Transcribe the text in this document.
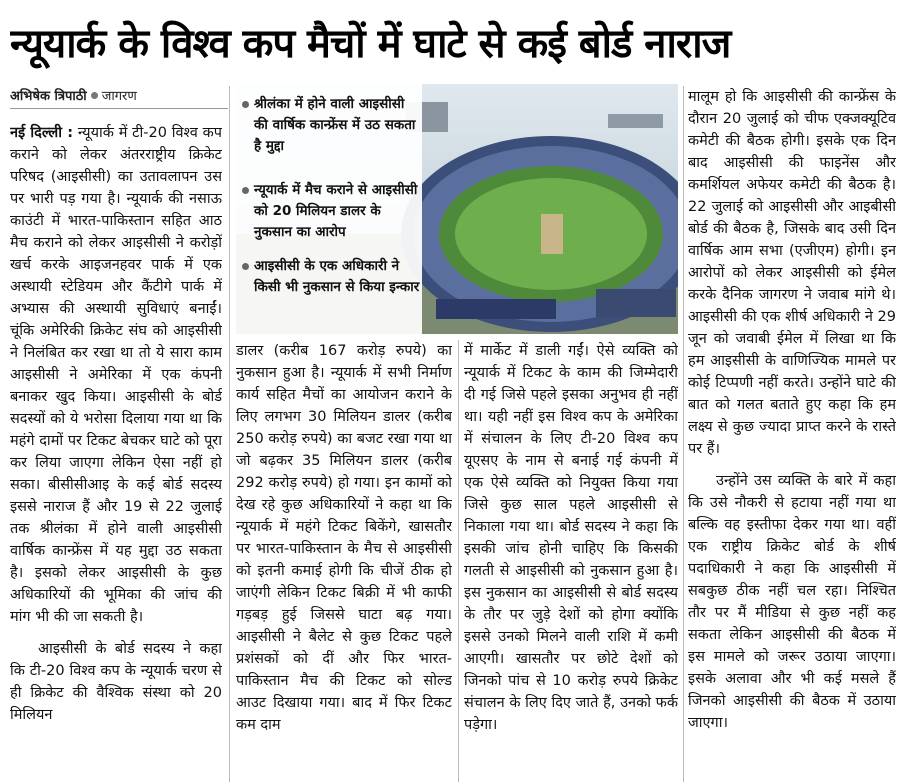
न्यूयार्क के विश्व कप मैचों में घाटे से कई बोर्ड नाराज
अभिषेक त्रिपाठी जागरण

नई दिल्ली : न्यूयार्क में टी-20 विश्व कप कराने को लेकर अंतरराष्ट्रीय क्रिकेट परिषद (आइसीसी) का उतावलापन उस पर भारी पड़ गया है। न्यूयार्क की नसाऊ काउंटी में भारत-पाकिस्तान सहित आठ मैच कराने को लेकर आइसीसी ने करोड़ों खर्च करके आइजनहवर पार्क में एक अस्थायी स्टेडियम और कैंटीगे पार्क में अभ्यास की अस्थायी सुविधाएं बनाईं। चूंकि अमेरिकी क्रिकेट संघ को आइसीसी ने निलंबित कर रखा था तो ये सारा काम आइसीसी ने अमेरिका में एक कंपनी बनाकर खुद किया। आइसीसी के बोर्ड सदस्यों को ये भरोसा दिलाया गया था कि महंगे दामों पर टिकट बेचकर घाटे को पूरा कर लिया जाएगा लेकिन ऐसा नहीं हो सका। बीसीसीआइ के कई बोर्ड सदस्य इससे नाराज हैं और 19 से 22 जुलाई तक श्रीलंका में होने वाली आइसीसी वार्षिक कान्फ्रेंस में यह मुद्दा उठ सकता है। इसको लेकर आइसीसी के कुछ अधिकारियों की भूमिका की जांच की मांग भी की जा सकती है।

आइसीसी के बोर्ड सदस्य ने कहा कि टी-20 विश्व कप के न्यूयार्क चरण से ही क्रिकेट की वैश्विक संस्था को 20 मिलियन

श्रीलंका में होने वाली आइसीसी की वार्षिक कान्फ्रेंस में उठ सकता है मुद्दा
न्यूयार्क में मैच कराने से आइसीसी को 20 मिलियन डालर के नुकसान का आरोप
आइसीसी के एक अधिकारी ने किसी भी नुकसान से किया इन्कार

डालर (करीब 167 करोड़ रुपये) का नुकसान हुआ है। न्यूयार्क में सभी निर्माण कार्य सहित मैचों का आयोजन कराने के लिए लगभग 30 मिलियन डालर (करीब 250 करोड़ रुपये) का बजट रखा गया था जो बढ़कर 35 मिलियन डालर (करीब 292 करोड़ रुपये) हो गया। इन कामों को देख रहे कुछ अधिकारियों ने कहा था कि न्यूयार्क में महंगे टिकट बिकेंगे, खासतौर पर भारत-पाकिस्तान के मैच से आइसीसी को इतनी कमाई होगी कि चीजें ठीक हो जाएंगी लेकिन टिकट बिक्री में भी काफी गड़बड़ हुई जिससे घाटा बढ़ गया। आइसीसी ने बैलेट से कुछ टिकट पहले प्रशंसकों को दीं और फिर भारत-पाकिस्तान मैच की टिकट को सोल्ड आउट दिखाया गया। बाद में फिर टिकट कम दाम

में मार्केट में डाली गईं। ऐसे व्यक्ति को न्यूयार्क में टिकट के काम की जिम्मेदारी दी गई जिसे पहले इसका अनुभव ही नहीं था। यही नहीं इस विश्व कप के अमेरिका में संचालन के लिए टी-20 विश्व कप यूएसए के नाम से बनाई गई कंपनी में एक ऐसे व्यक्ति को नियुक्त किया गया जिसे कुछ साल पहले आइसीसी से निकाला गया था। बोर्ड सदस्य ने कहा कि इसकी जांच होनी चाहिए कि किसकी गलती से आइसीसी को नुकसान हुआ है। इस नुकसान का आइसीसी से बोर्ड सदस्य के तौर पर जुड़े देशों को होगा क्योंकि इससे उनको मिलने वाली राशि में कमी आएगी। खासतौर पर छोटे देशों को जिनको पांच से 10 करोड़ रुपये क्रिकेट संचालन के लिए दिए जाते हैं, उनको फर्क पड़ेगा।

मालूम हो कि आइसीसी की कान्फ्रेंस के दौरान 20 जुलाई को चीफ एक्जक्यूटिव कमेटी की बैठक होगी। इसके एक दिन बाद आइसीसी की फाइनेंस और कमर्शियल अफेयर कमेटी की बैठक है। 22 जुलाई को आइसीसी और आइबीसी बोर्ड की बैठक है, जिसके बाद उसी दिन वार्षिक आम सभा (एजीएम) होगी। इन आरोपों को लेकर आइसीसी को ईमेल करके दैनिक जागरण ने जवाब मांगे थे। आइसीसी की एक शीर्ष अधिकारी ने 29 जून को जवाबी ईमेल में लिखा था कि हम आइसीसी के वाणिज्यिक मामले पर कोई टिप्पणी नहीं करते। उन्होंने घाटे की बात को गलत बताते हुए कहा कि हम लक्ष्य से कुछ ज्यादा प्राप्त करने के रास्ते पर हैं।

उन्होंने उस व्यक्ति के बारे में कहा कि उसे नौकरी से हटाया नहीं गया था बल्कि वह इस्तीफा देकर गया था। वहीं एक राष्ट्रीय क्रिकेट बोर्ड के शीर्ष पदाधिकारी ने कहा कि आइसीसी में सबकुछ ठीक नहीं चल रहा। निश्चित तौर पर मैं मीडिया से कुछ नहीं कह सकता लेकिन आइसीसी की बैठक में इस मामले को जरूर उठाया जाएगा। इसके अलावा और भी कई मसले हैं जिनको आइसीसी की बैठक में उठाया जाएगा।
